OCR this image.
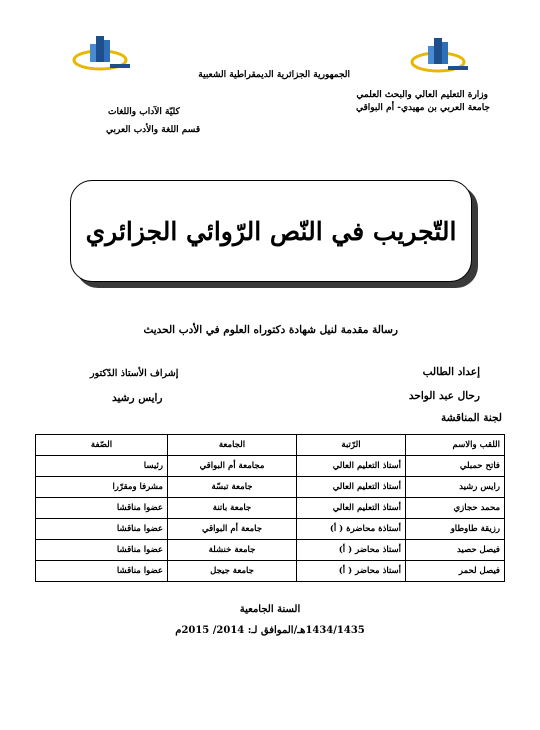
الجمهورية الجزائرية الديمقراطية الشعبية
وزارة التعليم العالي والبحث العلمي
جامعة العربي بن مهيدي- أم البواقي
كليّة الآداب واللغات
قسم اللغة والأدب العربي
التّجريب في النّص الرّوائي الجزائري
رسالة مقدمة لنيل شهادة دكتوراه العلوم في الأدب الحديث
إعداد الطالب
رحال عبد الواحد
إشراف الأستاذ الدّكتور
رايس رشيد
لجنة المناقشة
اللقب والاسم	الرّتبة	الجامعة	الصّفة
فاتح حمبلي	أستاذ التعليم العالي	مجامعة أم البواقي	رئيسا
رايس رشيد	أستاذ التعليم العالي	جامعة تبسّة	مشرفا ومقرّرا
محمد حجازي	أستاذ التعليم العالي	جامعة باتنة	عضوا مناقشا
رزيقة طاوطاو	أستاذة محاضرة ( أ)	جامعة أم البواقي	عضوا مناقشا
فيصل حصيد	أستاذ محاضر ( أ)	جامعة خنشلة	عضوا مناقشا
فيصل لحمر	أستاذ محاضر ( أ)	جامعة جيجل	عضوا مناقشا
السنة الجامعية
1434/1435هـ/الموافق لـ: 2014/ 2015م
